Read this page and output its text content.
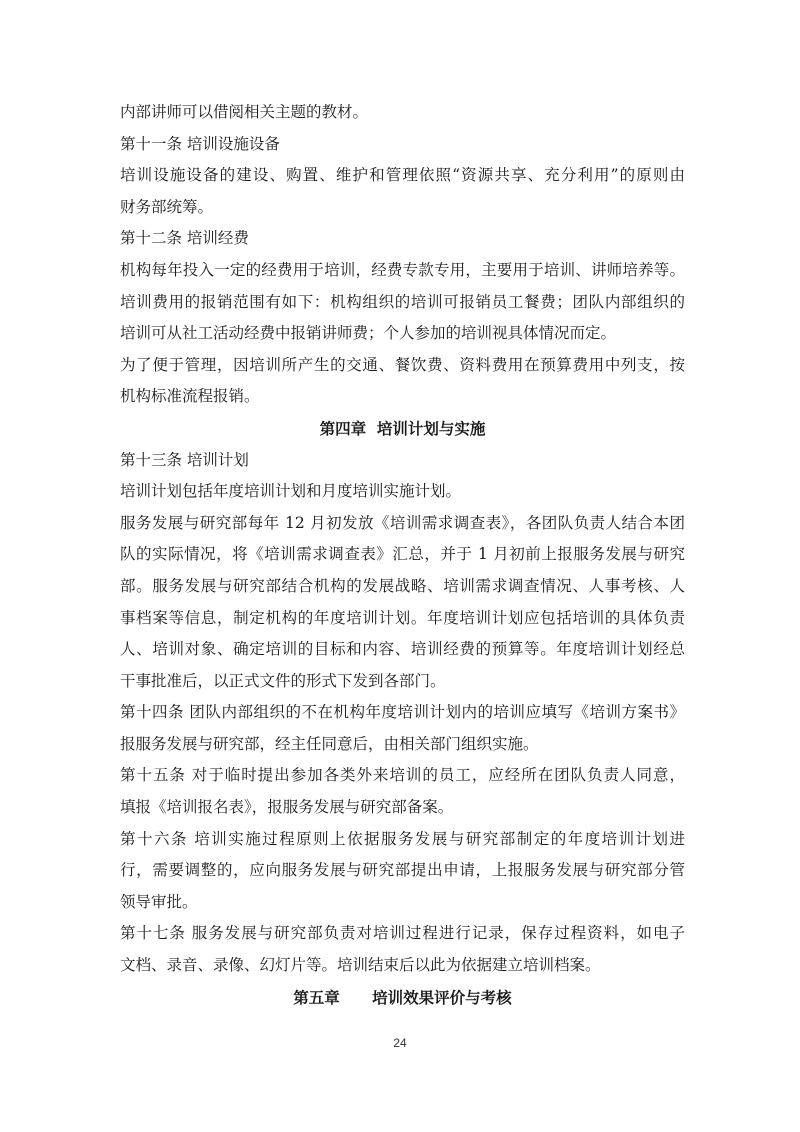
内部讲师可以借阅相关主题的教材。
第十一条 培训设施设备
培训设施设备的建设、购置、维护和管理依照“资源共享、充分利用”的原则由
财务部统筹。
第十二条 培训经费
机构每年投入一定的经费用于培训，经费专款专用，主要用于培训、讲师培养等。
培训费用的报销范围有如下：机构组织的培训可报销员工餐费；团队内部组织的
培训可从社工活动经费中报销讲师费；个人参加的培训视具体情况而定。
为了便于管理，因培训所产生的交通、餐饮费、资料费用在预算费用中列支，按
机构标准流程报销。
第四章  培训计划与实施
第十三条 培训计划
培训计划包括年度培训计划和月度培训实施计划。
服务发展与研究部每年 12 月初发放《培训需求调查表》，各团队负责人结合本团
队的实际情况，将《培训需求调查表》汇总，并于 1 月初前上报服务发展与研究
部。服务发展与研究部结合机构的发展战略、培训需求调查情况、人事考核、人
事档案等信息，制定机构的年度培训计划。年度培训计划应包括培训的具体负责
人、培训对象、确定培训的目标和内容、培训经费的预算等。年度培训计划经总
干事批准后，以正式文件的形式下发到各部门。
第十四条 团队内部组织的不在机构年度培训计划内的培训应填写《培训方案书》
报服务发展与研究部，经主任同意后，由相关部门组织实施。
第十五条 对于临时提出参加各类外来培训的员工，应经所在团队负责人同意，
填报《培训报名表》，报服务发展与研究部备案。
第十六条 培训实施过程原则上依据服务发展与研究部制定的年度培训计划进
行，需要调整的，应向服务发展与研究部提出申请，上报服务发展与研究部分管
领导审批。
第十七条 服务发展与研究部负责对培训过程进行记录，保存过程资料，如电子
文档、录音、录像、幻灯片等。培训结束后以此为依据建立培训档案。
第五章      培训效果评价与考核
24
